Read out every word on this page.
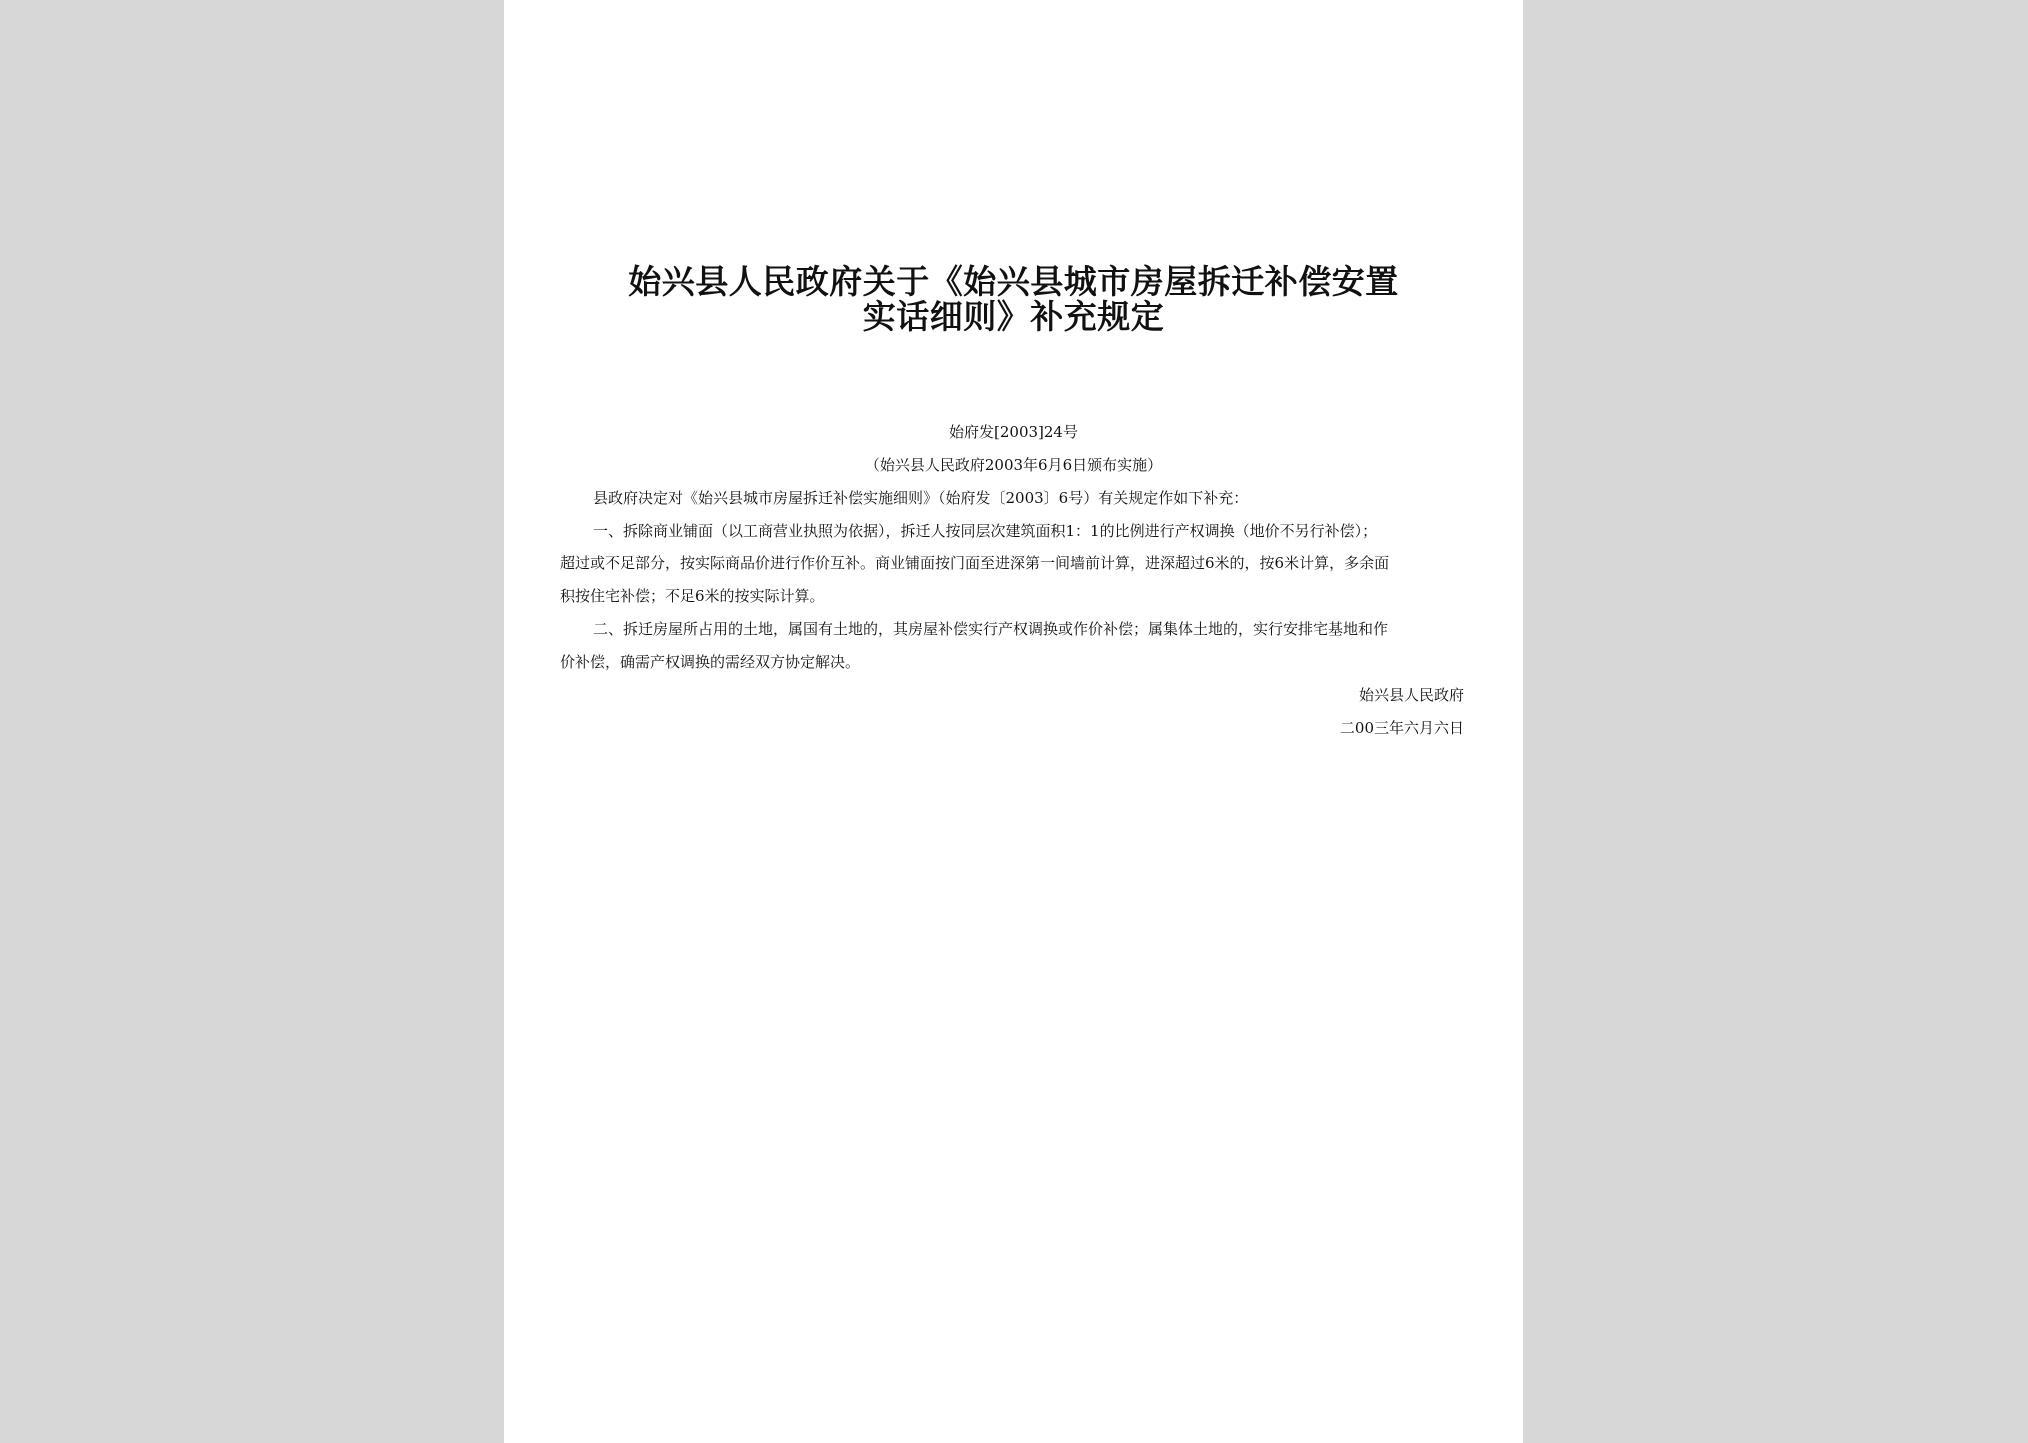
始兴县人民政府关于《始兴县城市房屋拆迁补偿安置
实话细则》补充规定
始府发[2003]24号
（始兴县人民政府2003年6月6日颁布实施）
县政府决定对《始兴县城市房屋拆迁补偿实施细则》（始府发〔2003〕6号）有关规定作如下补充：
一、拆除商业铺面（以工商营业执照为依据），拆迁人按同层次建筑面积1：1的比例进行产权调换（地价不另行补偿）；
超过或不足部分，按实际商品价进行作价互补。商业铺面按门面至进深第一间墙前计算，进深超过6米的，按6米计算，多余面
积按住宅补偿；不足6米的按实际计算。
二、拆迁房屋所占用的土地，属国有土地的，其房屋补偿实行产权调换或作价补偿；属集体土地的，实行安排宅基地和作
价补偿，确需产权调换的需经双方协定解决。
始兴县人民政府
二00三年六月六日
